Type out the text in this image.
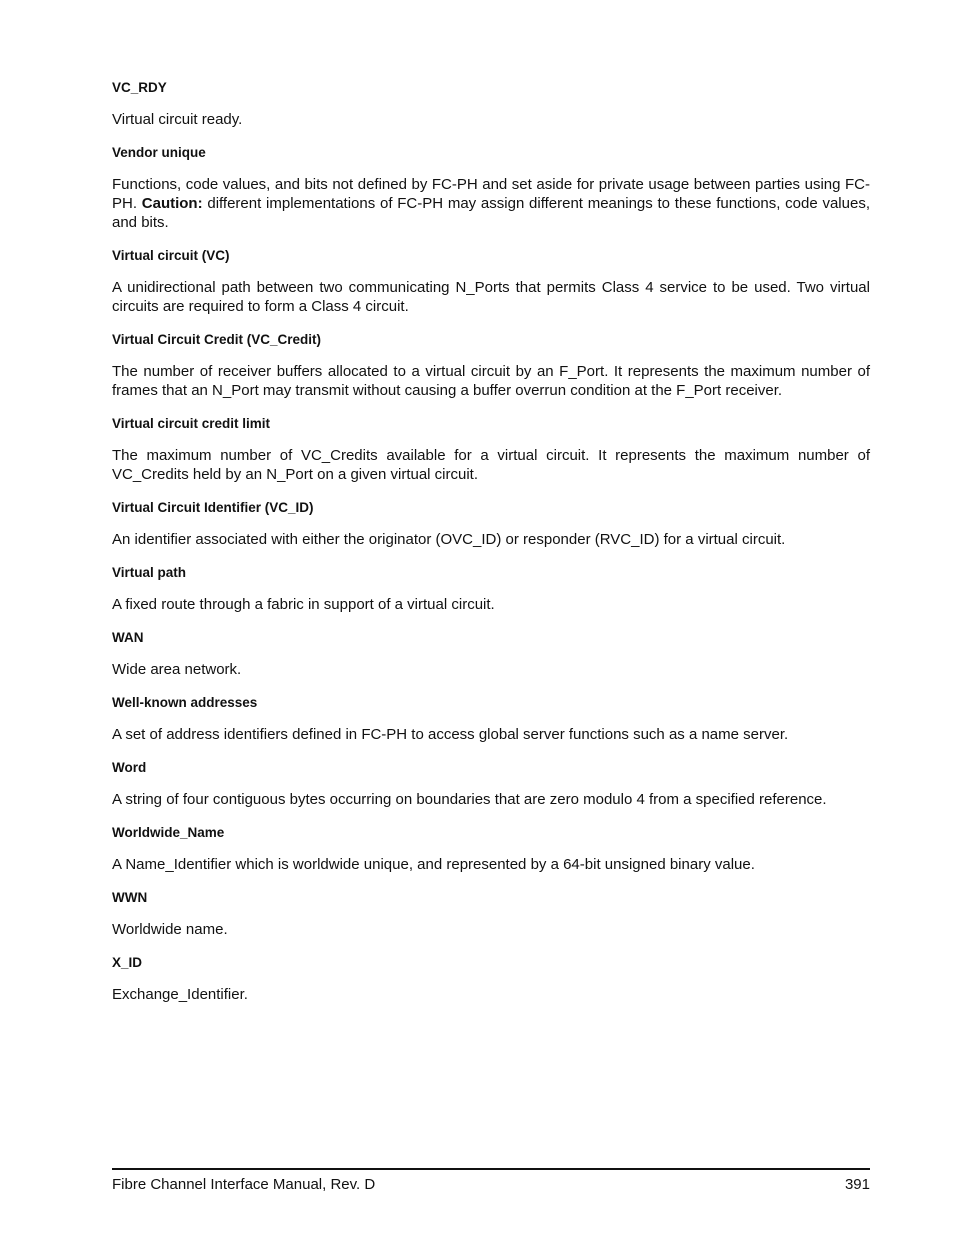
VC_RDY

Virtual circuit ready.

Vendor unique

Functions, code values, and bits not defined by FC-PH and set aside for private usage between parties using FC-PH. Caution: different implementations of FC-PH may assign different meanings to these functions, code values, and bits.

Virtual circuit (VC)

A unidirectional path between two communicating N_Ports that permits Class 4 service to be used. Two virtual circuits are required to form a Class 4 circuit.

Virtual Circuit Credit (VC_Credit)

The number of receiver buffers allocated to a virtual circuit by an F_Port. It represents the maximum number of frames that an N_Port may transmit without causing a buffer overrun condition at the F_Port receiver.

Virtual circuit credit limit

The maximum number of VC_Credits available for a virtual circuit. It represents the maximum number of VC_Credits held by an N_Port on a given virtual circuit.

Virtual Circuit Identifier (VC_ID)

An identifier associated with either the originator (OVC_ID) or responder (RVC_ID) for a virtual circuit.

Virtual path

A fixed route through a fabric in support of a virtual circuit.

WAN

Wide area network.

Well-known addresses

A set of address identifiers defined in FC-PH to access global server functions such as a name server.

Word

A string of four contiguous bytes occurring on boundaries that are zero modulo 4 from a specified reference.

Worldwide_Name

A Name_Identifier which is worldwide unique, and represented by a 64-bit unsigned binary value.

WWN

Worldwide name.

X_ID

Exchange_Identifier.

Fibre Channel Interface Manual, Rev. D	391
